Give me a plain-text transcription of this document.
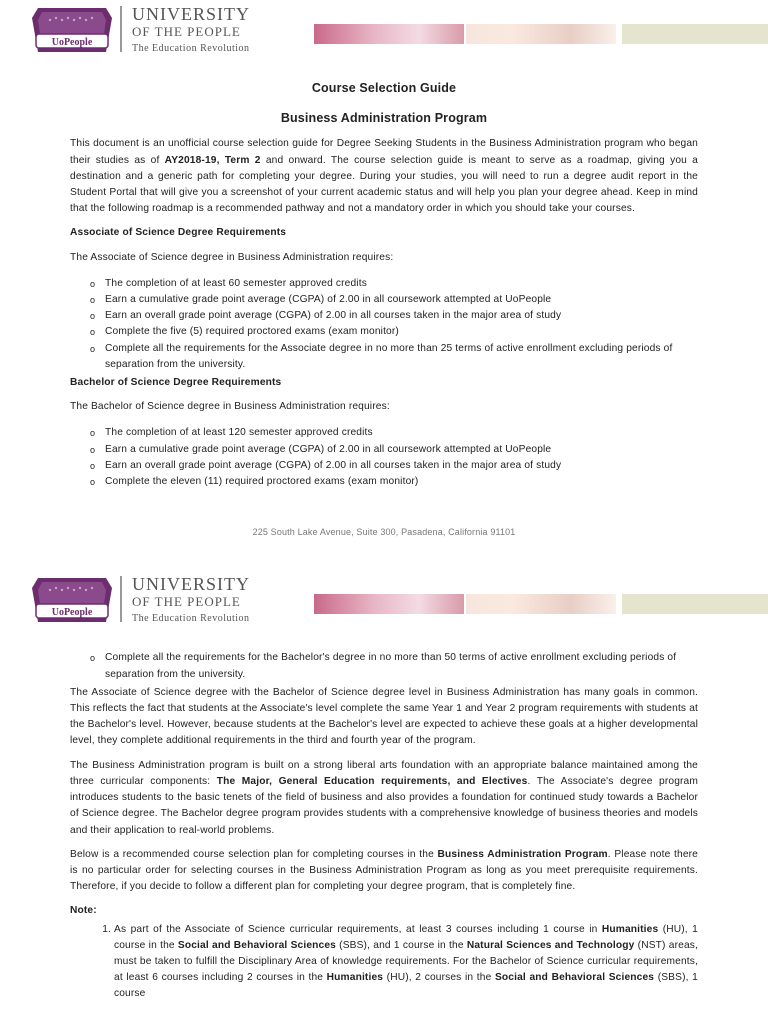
UoPeople
UNIVERSITY
OF THE PEOPLE
The Education Revolution
Course Selection Guide
Business Administration Program

This document is an unofficial course selection guide for Degree Seeking Students in the Business Administration program who began their studies as of AY2018-19, Term 2 and onward. The course selection guide is meant to serve as a roadmap, giving you a destination and a generic path for completing your degree. During your studies, you will need to run a degree audit report in the Student Portal that will give you a screenshot of your current academic status and will help you plan your degree ahead. Keep in mind that the following roadmap is a recommended pathway and not a mandatory order in which you should take your courses.

Associate of Science Degree Requirements

The Associate of Science degree in Business Administration requires:

o The completion of at least 60 semester approved credits
o Earn a cumulative grade point average (CGPA) of 2.00 in all coursework attempted at UoPeople
o Earn an overall grade point average (CGPA) of 2.00 in all courses taken in the major area of study
o Complete the five (5) required proctored exams (exam monitor)
o Complete all the requirements for the Associate degree in no more than 25 terms of active enrollment excluding periods of separation from the university.
Bachelor of Science Degree Requirements

The Bachelor of Science degree in Business Administration requires:

o The completion of at least 120 semester approved credits
o Earn a cumulative grade point average (CGPA) of 2.00 in all coursework attempted at UoPeople
o Earn an overall grade point average (CGPA) of 2.00 in all courses taken in the major area of study
o Complete the eleven (11) required proctored exams (exam monitor)
225 South Lake Avenue, Suite 300, Pasadena, California 91101
UoPeople
UNIVERSITY
OF THE PEOPLE
The Education Revolution
o Complete all the requirements for the Bachelor's degree in no more than 50 terms of active enrollment excluding periods of separation from the university.

The Associate of Science degree with the Bachelor of Science degree level in Business Administration has many goals in common. This reflects the fact that students at the Associate's level complete the same Year 1 and Year 2 program requirements with students at the Bachelor's level. However, because students at the Bachelor's level are expected to achieve these goals at a higher developmental level, they complete additional requirements in the third and fourth year of the program.

The Business Administration program is built on a strong liberal arts foundation with an appropriate balance maintained among the three curricular components: The Major, General Education requirements, and Electives. The Associate's degree program introduces students to the basic tenets of the field of business and also provides a foundation for continued study towards a Bachelor of Science degree. The Bachelor degree program provides students with a comprehensive knowledge of business theories and models and their application to real-world problems.

Below is a recommended course selection plan for completing courses in the Business Administration Program. Please note there is no particular order for selecting courses in the Business Administration Program as long as you meet prerequisite requirements. Therefore, if you decide to follow a different plan for completing your degree program, that is completely fine.

Note:
1. As part of the Associate of Science curricular requirements, at least 3 courses including 1 course in Humanities (HU), 1 course in the Social and Behavioral Sciences (SBS), and 1 course in the Natural Sciences and Technology (NST) areas, must be taken to fulfill the Disciplinary Area of knowledge requirements. For the Bachelor of Science curricular requirements, at least 6 courses including 2 courses in the Humanities (HU), 2 courses in the Social and Behavioral Sciences (SBS), 1 course
